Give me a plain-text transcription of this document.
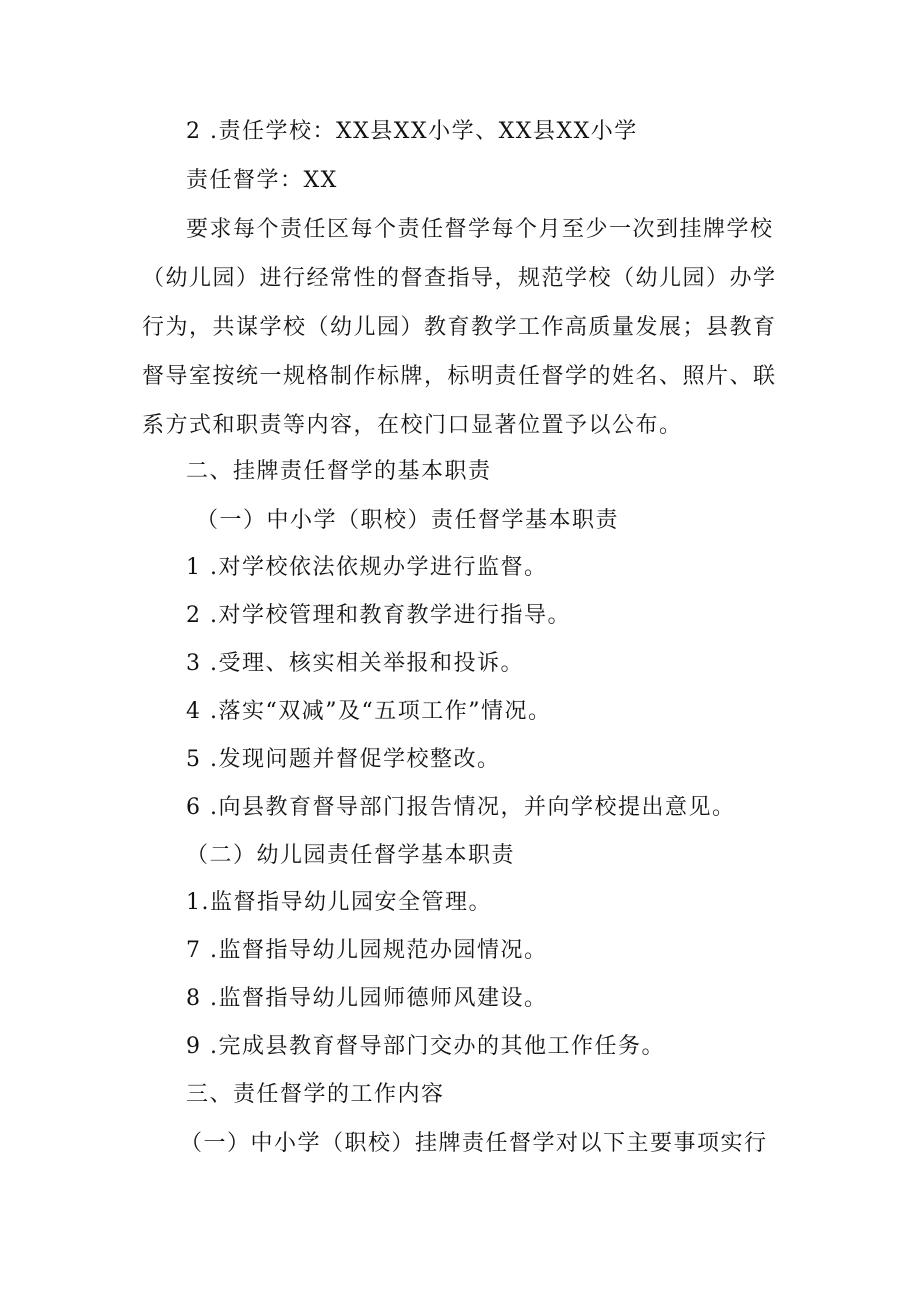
2 .责任学校：XX县XX小学、XX县XX小学
责任督学：XX
要求每个责任区每个责任督学每个月至少一次到挂牌学校
（幼儿园）进行经常性的督查指导，规范学校（幼儿园）办学
行为，共谋学校（幼儿园）教育教学工作高质量发展；县教育
督导室按统一规格制作标牌，标明责任督学的姓名、照片、联
系方式和职责等内容，在校门口显著位置予以公布。
二、挂牌责任督学的基本职责
（一）中小学（职校）责任督学基本职责
1 .对学校依法依规办学进行监督。
2 .对学校管理和教育教学进行指导。
3 .受理、核实相关举报和投诉。
4 .落实“双减”及“五项工作”情况。
5 .发现问题并督促学校整改。
6 .向县教育督导部门报告情况，并向学校提出意见。
（二）幼儿园责任督学基本职责
1.监督指导幼儿园安全管理。
7 .监督指导幼儿园规范办园情况。
8 .监督指导幼儿园师德师风建设。
9 .完成县教育督导部门交办的其他工作任务。
三、责任督学的工作内容
（一）中小学（职校）挂牌责任督学对以下主要事项实行
